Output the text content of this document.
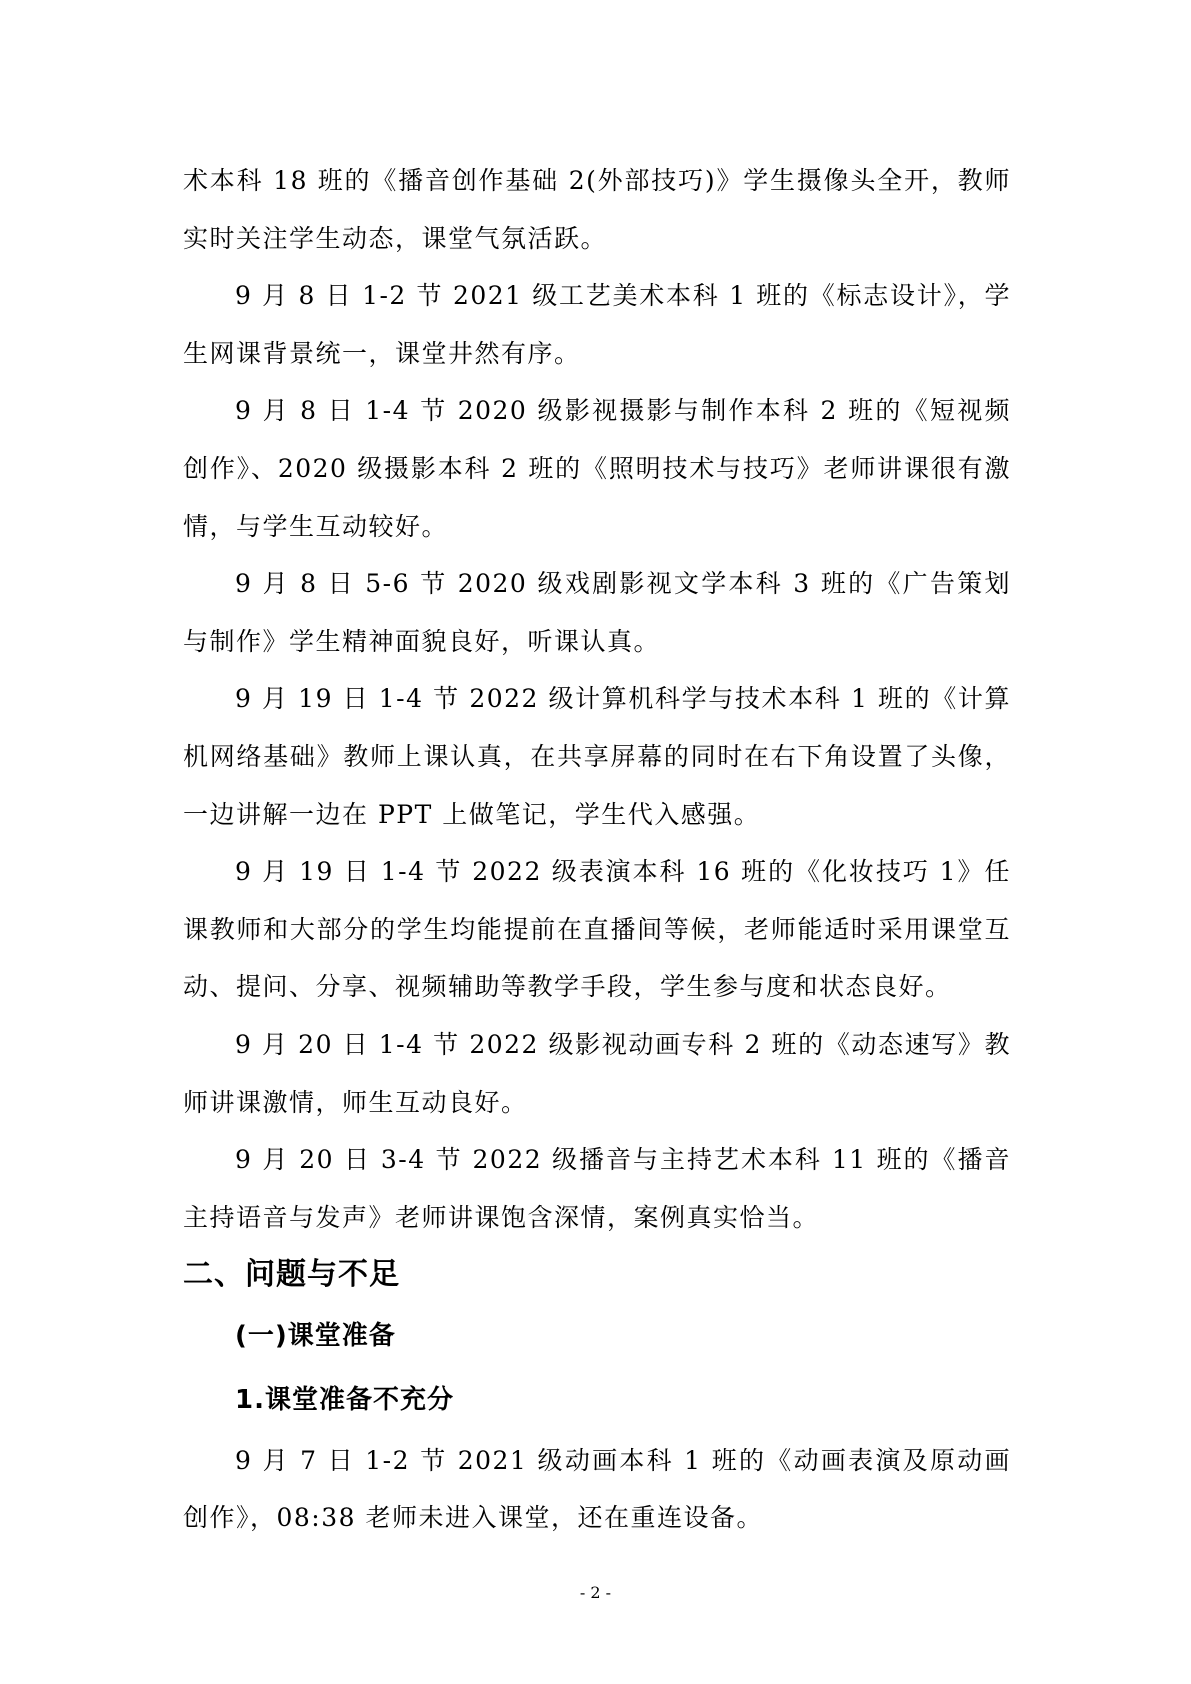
术本科 18 班的《播音创作基础 2(外部技巧)》学生摄像头全开，教师实时关注学生动态，课堂气氛活跃。

9 月 8 日 1-2 节 2021 级工艺美术本科 1 班的《标志设计》，学生网课背景统一，课堂井然有序。

9 月 8 日 1-4 节 2020 级影视摄影与制作本科 2 班的《短视频创作》、2020 级摄影本科 2 班的《照明技术与技巧》老师讲课很有激情，与学生互动较好。

9 月 8 日 5-6 节 2020 级戏剧影视文学本科 3 班的《广告策划与制作》学生精神面貌良好，听课认真。

9 月 19 日 1-4 节 2022 级计算机科学与技术本科 1 班的《计算机网络基础》教师上课认真，在共享屏幕的同时在右下角设置了头像，一边讲解一边在 PPT 上做笔记，学生代入感强。

9 月 19 日 1-4 节 2022 级表演本科 16 班的《化妆技巧 1》任课教师和大部分的学生均能提前在直播间等候，老师能适时采用课堂互动、提问、分享、视频辅助等教学手段，学生参与度和状态良好。

9 月 20 日 1-4 节 2022 级影视动画专科 2 班的《动态速写》教师讲课激情，师生互动良好。

9 月 20 日 3-4 节 2022 级播音与主持艺术本科 11 班的《播音主持语音与发声》老师讲课饱含深情，案例真实恰当。

二、问题与不足
(一)课堂准备
1.课堂准备不充分

9 月 7 日 1-2 节 2021 级动画本科 1 班的《动画表演及原动画创作》，08:38 老师未进入课堂，还在重连设备。

- 2 -
